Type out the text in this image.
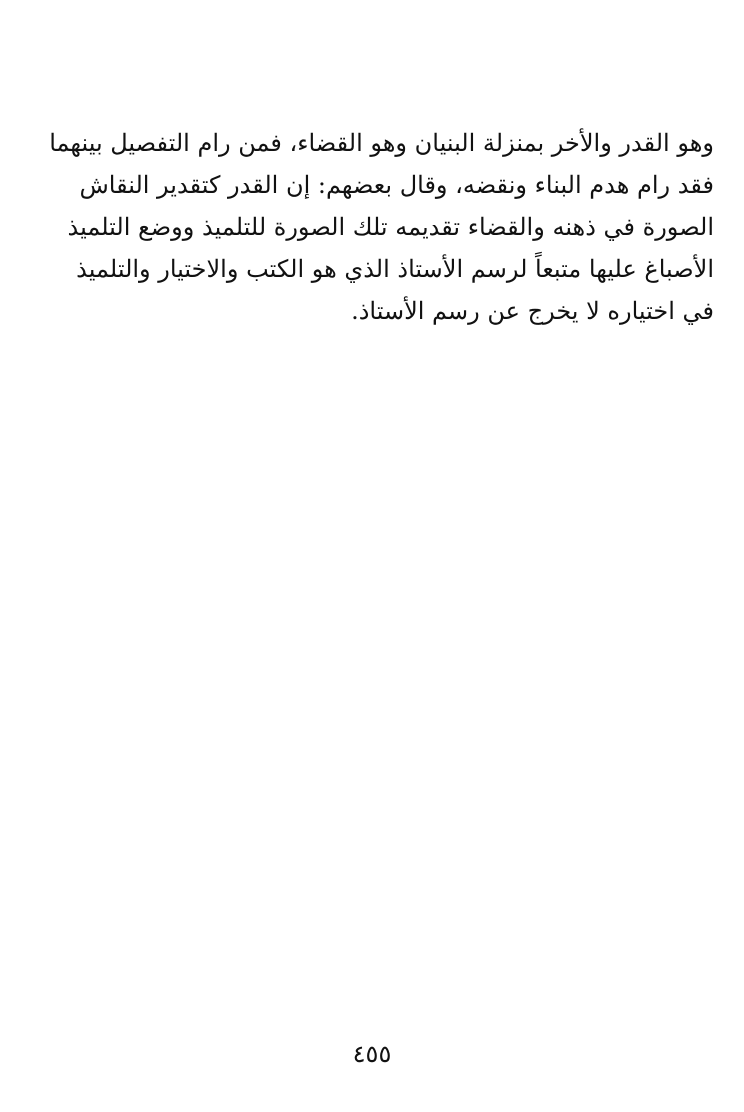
وهو القدر والأخر بمنزلة البنيان وهو القضاء، فمن رام التفصيل بينهما
فقد رام هدم البناء ونقضه، وقال بعضهم: إن القدر كتقدير النقاش
الصورة في ذهنه والقضاء تقديمه تلك الصورة للتلميذ ووضع التلميذ
الأصباغ عليها متبعاً لرسم الأستاذ الذي هو الكتب والاختيار والتلميذ
في اختياره لا يخرج عن رسم الأستاذ.
٤٥٥
